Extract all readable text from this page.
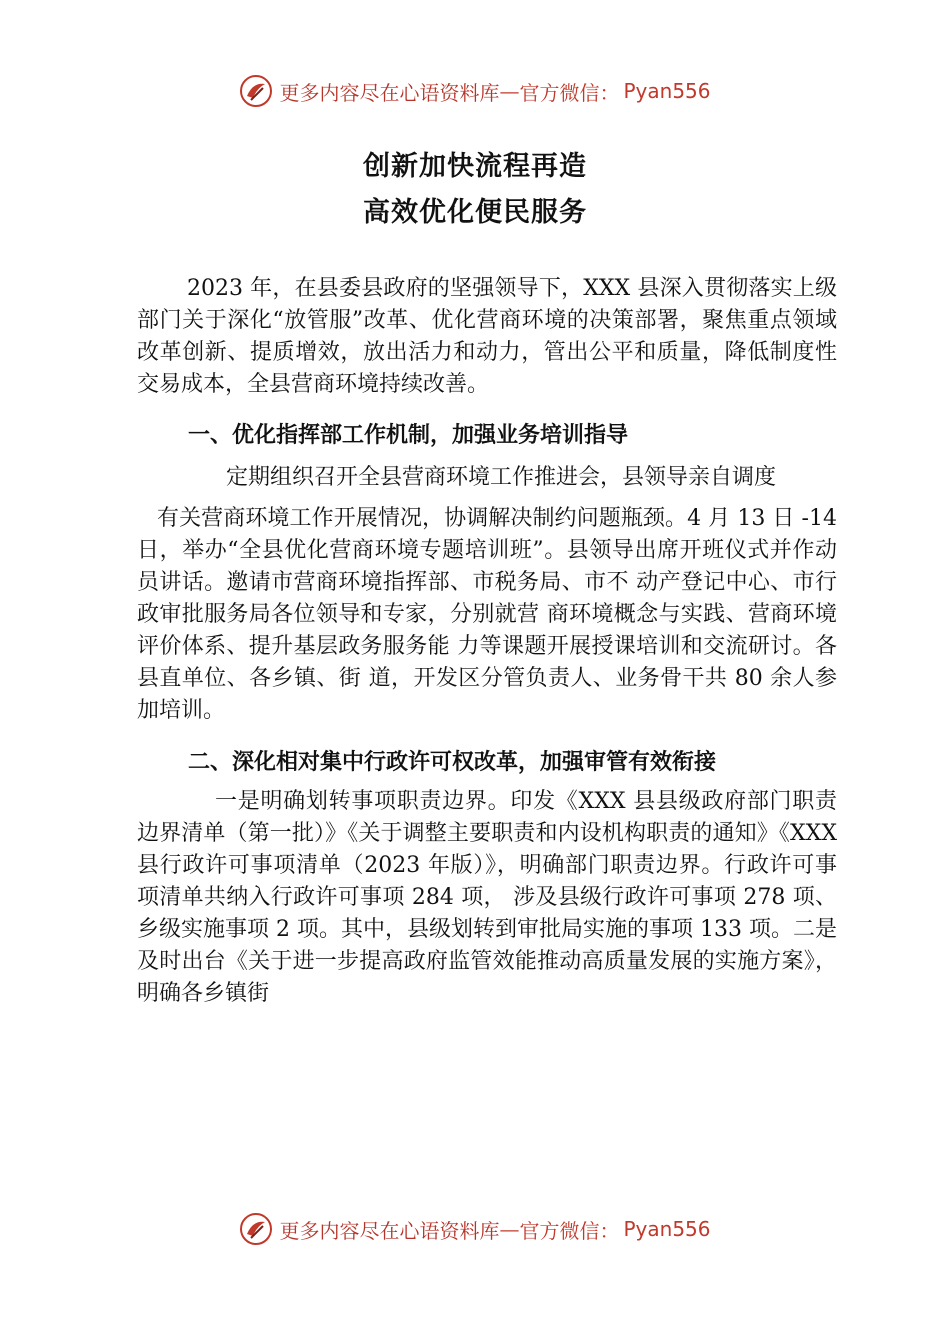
更多内容尽在心语资料库 — 官方微信： Pyan556
创新加快流程再造
高效优化便民服务

2023 年，在县委县政府的坚强领导下，XXX 县深入贯彻落实上级部门关于深化“放管服”改革、优化营商环境的决策部署，聚焦重点领域改革创新、提质增效，放出活力和动力，管出公平和质量，降低制度性交易成本，全县营商环境持续改善。

一、优化指挥部工作机制，加强业务培训指导

定期组织召开全县营商环境工作推进会，县领导亲自调度

有关营商环境工作开展情况，协调解决制约问题瓶颈。4 月 13 日 -14 日，举办“全县优化营商环境专题培训班”。县领导出席开班仪式并作动员讲话。邀请市营商环境指挥部、市税务局、市不 动产登记中心、市行政审批服务局各位领导和专家，分别就营 商环境概念与实践、营商环境评价体系、提升基层政务服务能 力等课题开展授课培训和交流研讨。各县直单位、各乡镇、街 道，开发区分管负责人、业务骨干共 80 余人参加培训。

二、深化相对集中行政许可权改革，加强审管有效衔接

一是明确划转事项职责边界。印发《XXX 县县级政府部门职责边界清单（第一批）》《关于调整主要职责和内设机构职责的通知》《XXX 县行政许可事项清单（2023 年版）》，明确部门职责边界。行政许可事项清单共纳入行政许可事项 284 项， 涉及县级行政许可事项 278 项、乡级实施事项 2 项。其中，县级划转到审批局实施的事项 133 项。二是及时出台《关于进一步提高政府监管效能推动高质量发展的实施方案》，明确各乡镇街

更多内容尽在心语资料库 — 官方微信： Pyan556
